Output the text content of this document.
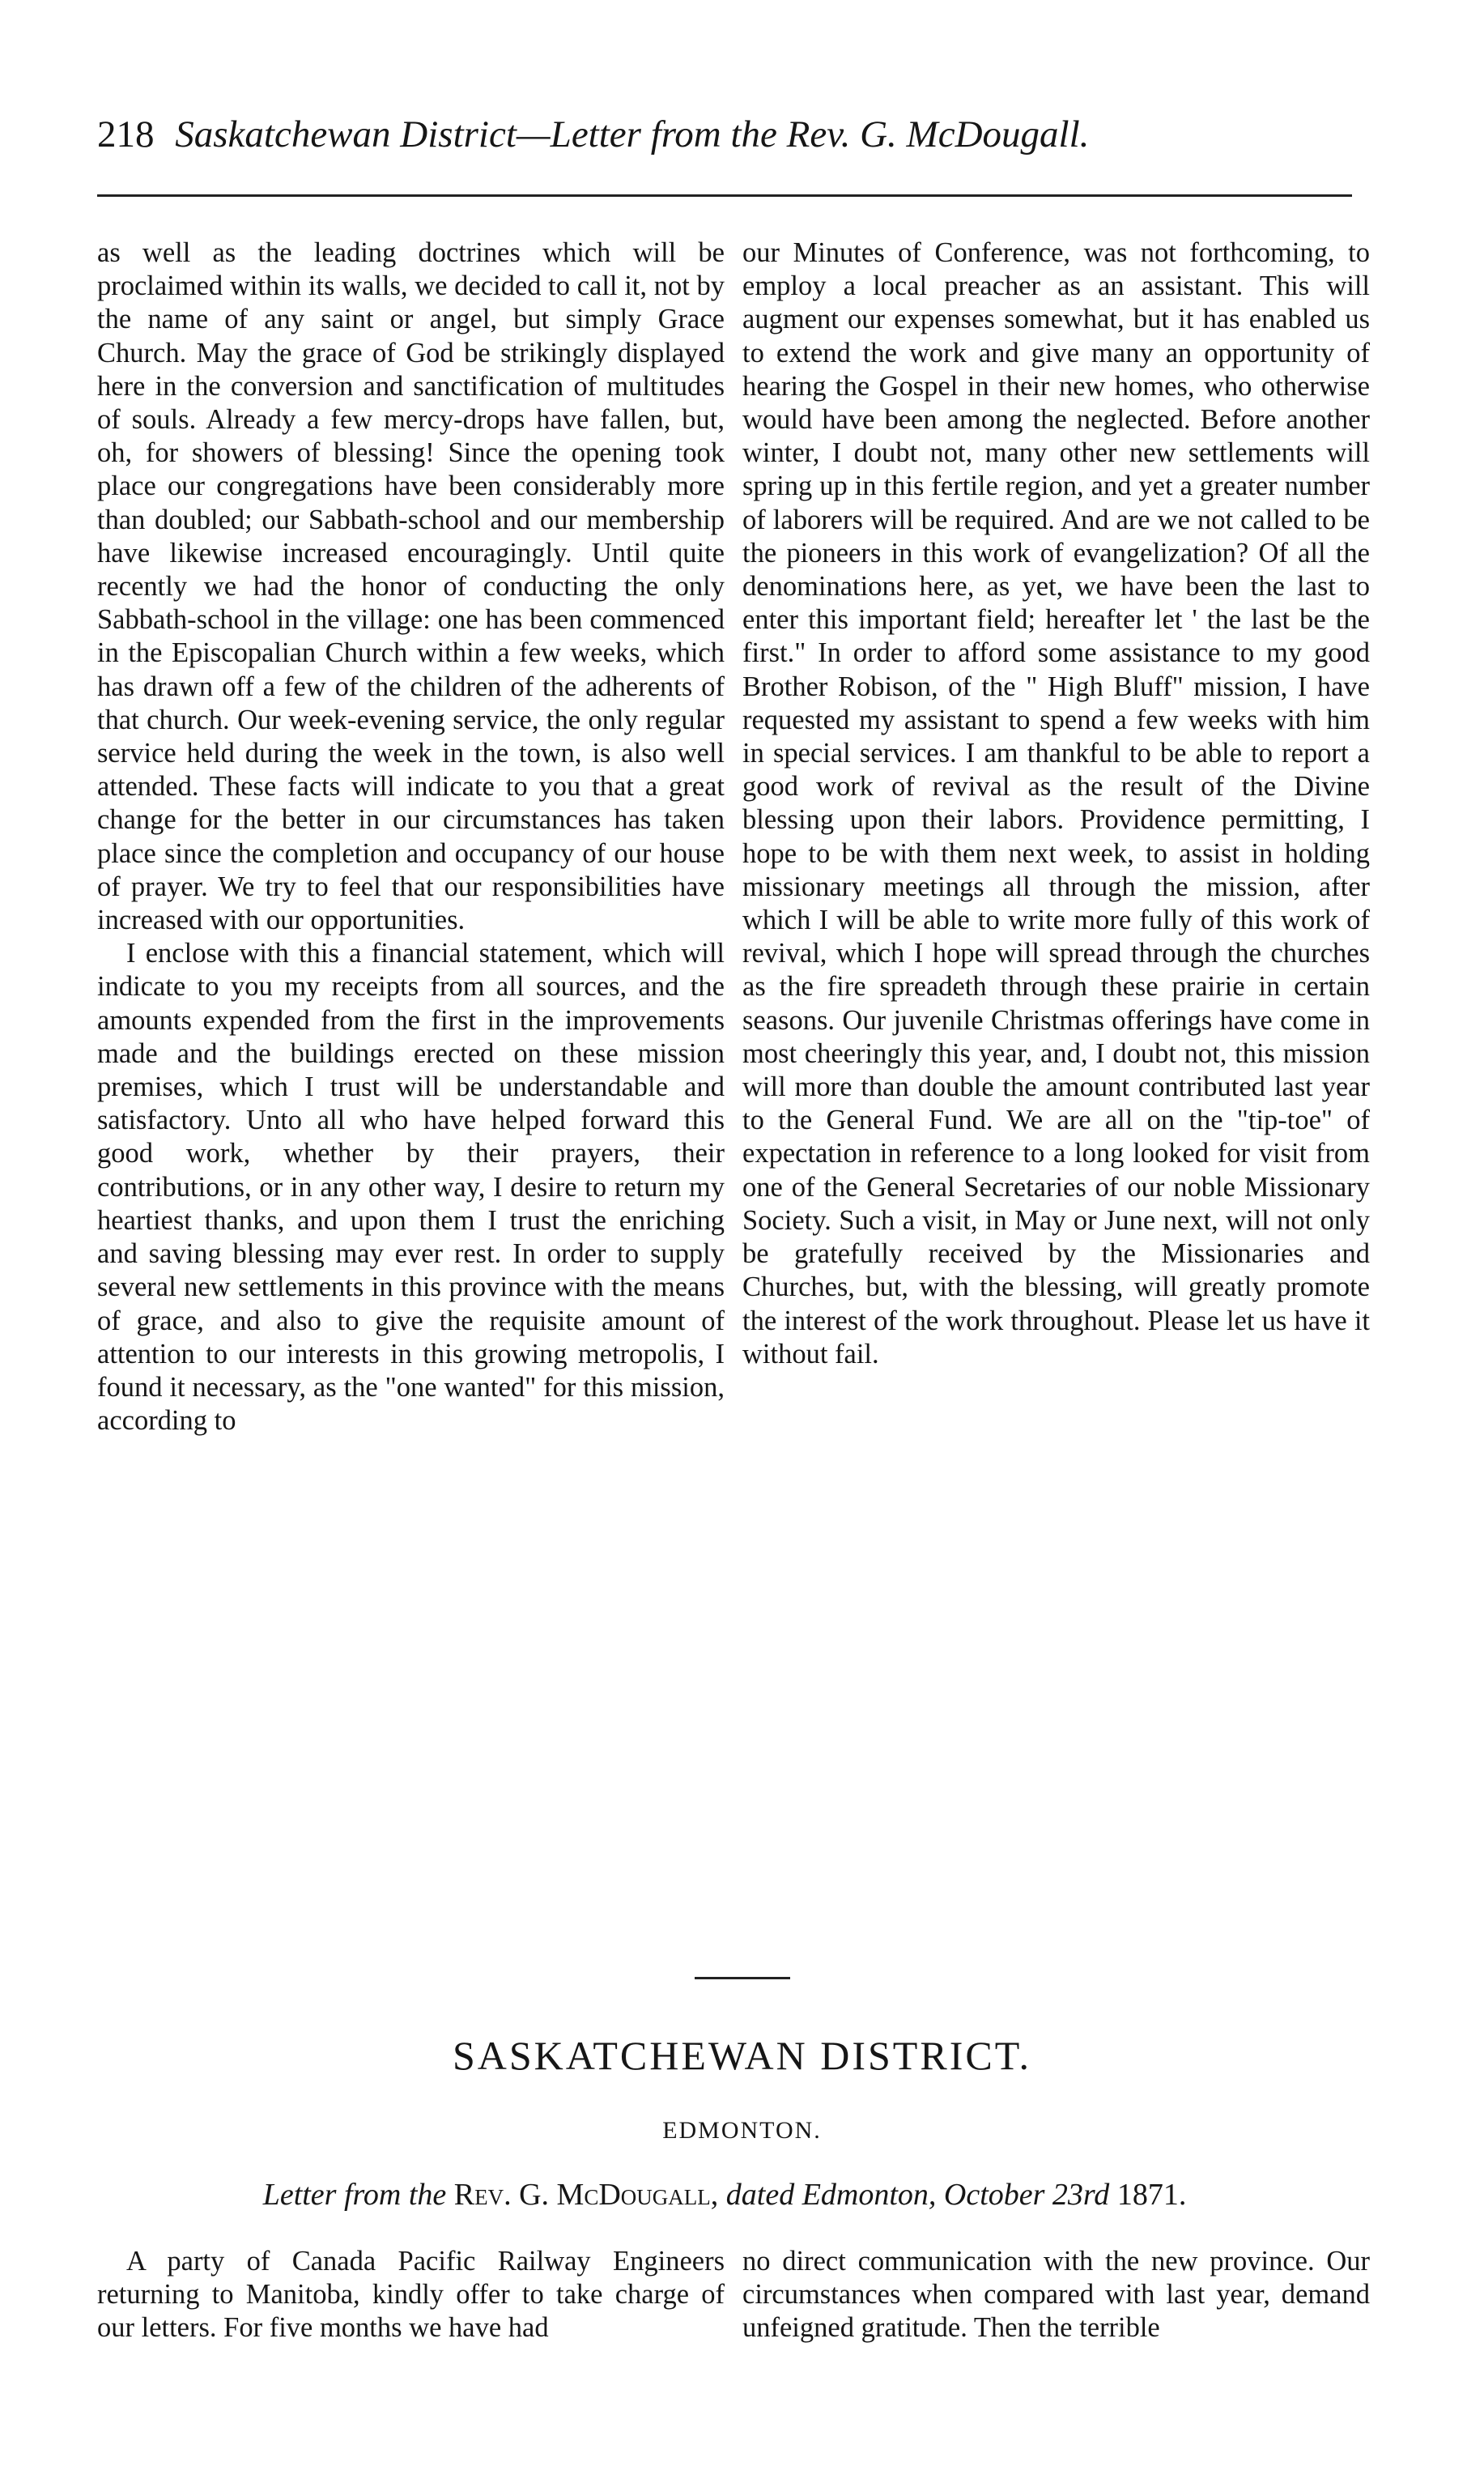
218 Saskatchewan District—Letter from the Rev. G. McDougall.

as well as the leading doctrines which will be proclaimed within its walls, we decided to call it, not by the name of any saint or angel, but simply Grace Church. May the grace of God be strikingly displayed here in the conversion and sanctification of multitudes of souls. Already a few mercy-drops have fallen, but, oh, for showers of blessing! Since the opening took place our congregations have been considerably more than doubled; our Sabbath-school and our membership have likewise increased encouragingly. Until quite recently we had the honor of conducting the only Sabbath-school in the village: one has been commenced in the Episcopalian Church within a few weeks, which has drawn off a few of the children of the adherents of that church. Our week-evening service, the only regular service held during the week in the town, is also well attended. These facts will indicate to you that a great change for the better in our circumstances has taken place since the completion and occupancy of our house of prayer. We try to feel that our responsibilities have increased with our opportunities.

I enclose with this a financial statement, which will indicate to you my receipts from all sources, and the amounts expended from the first in the improvements made and the buildings erected on these mission premises, which I trust will be understandable and satisfactory. Unto all who have helped forward this good work, whether by their prayers, their contributions, or in any other way, I desire to return my heartiest thanks, and upon them I trust the enriching and saving blessing may ever rest. In order to supply several new settlements in this province with the means of grace, and also to give the requisite amount of attention to our interests in this growing metropolis, I found it necessary, as the "one wanted" for this mission, according to

our Minutes of Conference, was not forthcoming, to employ a local preacher as an assistant. This will augment our expenses somewhat, but it has enabled us to extend the work and give many an opportunity of hearing the Gospel in their new homes, who otherwise would have been among the neglected. Before another winter, I doubt not, many other new settlements will spring up in this fertile region, and yet a greater number of laborers will be required. And are we not called to be the pioneers in this work of evangelization? Of all the denominations here, as yet, we have been the last to enter this important field; hereafter let ' the last be the first." In order to afford some assistance to my good Brother Robison, of the " High Bluff" mission, I have requested my assistant to spend a few weeks with him in special services. I am thankful to be able to report a good work of revival as the result of the Divine blessing upon their labors. Providence permitting, I hope to be with them next week, to assist in holding missionary meetings all through the mission, after which I will be able to write more fully of this work of revival, which I hope will spread through the churches as the fire spreadeth through these prairie in certain seasons. Our juvenile Christmas offerings have come in most cheeringly this year, and, I doubt not, this mission will more than double the amount contributed last year to the General Fund. We are all on the "tip-toe" of expectation in reference to a long looked for visit from one of the General Secretaries of our noble Missionary Society. Such a visit, in May or June next, will not only be gratefully received by the Missionaries and Churches, but, with the blessing, will greatly promote the interest of the work throughout. Please let us have it without fail.

SASKATCHEWAN DISTRICT.
EDMONTON.
Letter from the Rev. G. McDougall, dated Edmonton, October 23rd 1871.

A party of Canada Pacific Railway Engineers returning to Manitoba, kindly offer to take charge of our letters. For five months we have had

no direct communication with the new province. Our circumstances when compared with last year, demand unfeigned gratitude. Then the terrible
